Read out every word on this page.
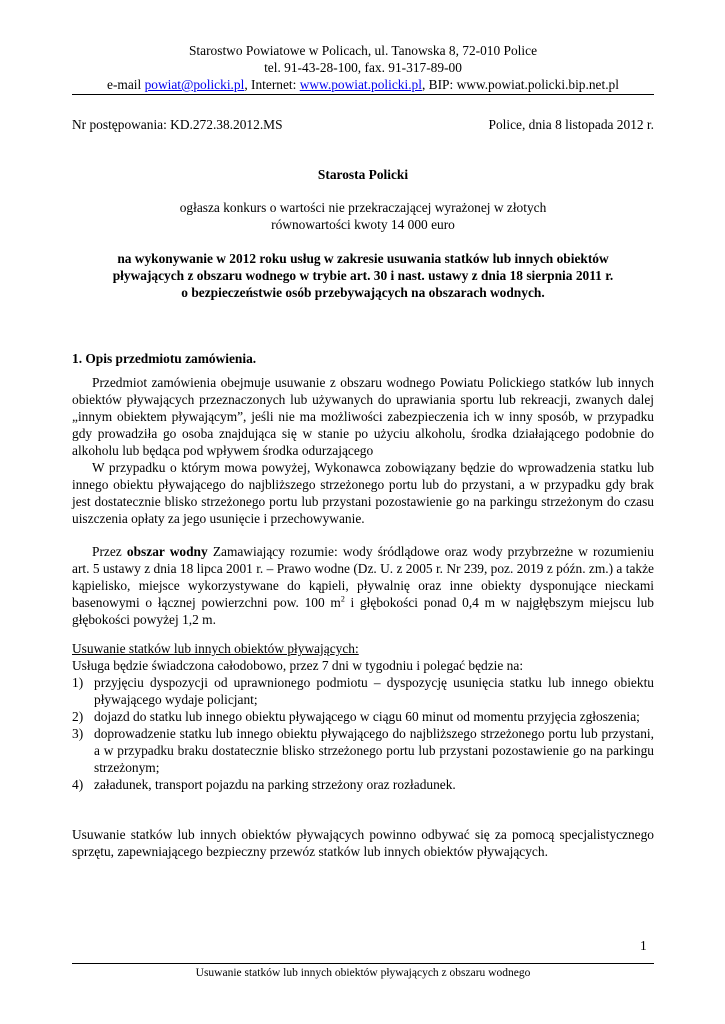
Starostwo Powiatowe w Policach, ul. Tanowska 8, 72-010 Police
tel. 91-43-28-100, fax. 91-317-89-00
e-mail powiat@policki.pl, Internet: www.powiat.policki.pl, BIP: www.powiat.policki.bip.net.pl
Nr postępowania: KD.272.38.2012.MS	Police, dnia 8 listopada 2012 r.
Starosta Policki
ogłasza konkurs o wartości nie przekraczającej wyrażonej w złotych
równowartości kwoty 14 000 euro
na wykonywanie w 2012 roku usług w zakresie usuwania statków lub innych obiektów
pływających z obszaru wodnego w trybie art. 30 i nast. ustawy z dnia 18 sierpnia 2011 r.
o bezpieczeństwie osób przebywających na obszarach wodnych.
1. Opis przedmiotu zamówienia.
Przedmiot zamówienia obejmuje usuwanie z obszaru wodnego Powiatu Polickiego statków lub innych obiektów pływających przeznaczonych lub używanych do uprawiania sportu lub rekreacji, zwanych dalej „innym obiektem pływającym”, jeśli nie ma możliwości zabezpieczenia ich w inny sposób, w przypadku gdy prowadziła go osoba znajdująca się w stanie po użyciu alkoholu, środka działającego podobnie do alkoholu lub będąca pod wpływem środka odurzającego
W przypadku o którym mowa powyżej, Wykonawca zobowiązany będzie do wprowadzenia statku lub innego obiektu pływającego do najbliższego strzeżonego portu lub do przystani, a w przypadku gdy brak jest dostatecznie blisko strzeżonego portu lub przystani pozostawienie go na parkingu strzeżonym do czasu uiszczenia opłaty za jego usunięcie i przechowywanie.
Przez obszar wodny Zamawiający rozumie: wody śródlądowe oraz wody przybrzeżne w rozumieniu art. 5 ustawy z dnia 18 lipca 2001 r. – Prawo wodne (Dz. U. z 2005 r. Nr 239, poz. 2019 z późn. zm.) a także kąpielisko, miejsce wykorzystywane do kąpieli, pływalnię oraz inne obiekty dysponujące nieckami basenowymi o łącznej powierzchni pow. 100 $m^2$ i głębokości ponad 0,4 m w najgłębszym miejscu lub głębokości powyżej 1,2 m.
Usuwanie statków lub innych obiektów pływających:
Usługa będzie świadczona całodobowo, przez 7 dni w tygodniu i polegać będzie na:
1) przyjęciu dyspozycji od uprawnionego podmiotu – dyspozycję usunięcia statku lub innego obiektu pływającego wydaje policjant;
2) dojazd do statku lub innego obiektu pływającego w ciągu 60 minut od momentu przyjęcia zgłoszenia;
3) doprowadzenie statku lub innego obiektu pływającego do najbliższego strzeżonego portu lub przystani, a w przypadku braku dostatecznie blisko strzeżonego portu lub przystani pozostawienie go na parkingu strzeżonym;
4) załadunek, transport pojazdu na parking strzeżony oraz rozładunek.
Usuwanie statków lub innych obiektów pływających powinno odbywać się za pomocą specjalistycznego sprzętu, zapewniającego bezpieczny przewóz statków lub innych obiektów pływających.
1
Usuwanie statków lub innych obiektów pływających z obszaru wodnego
